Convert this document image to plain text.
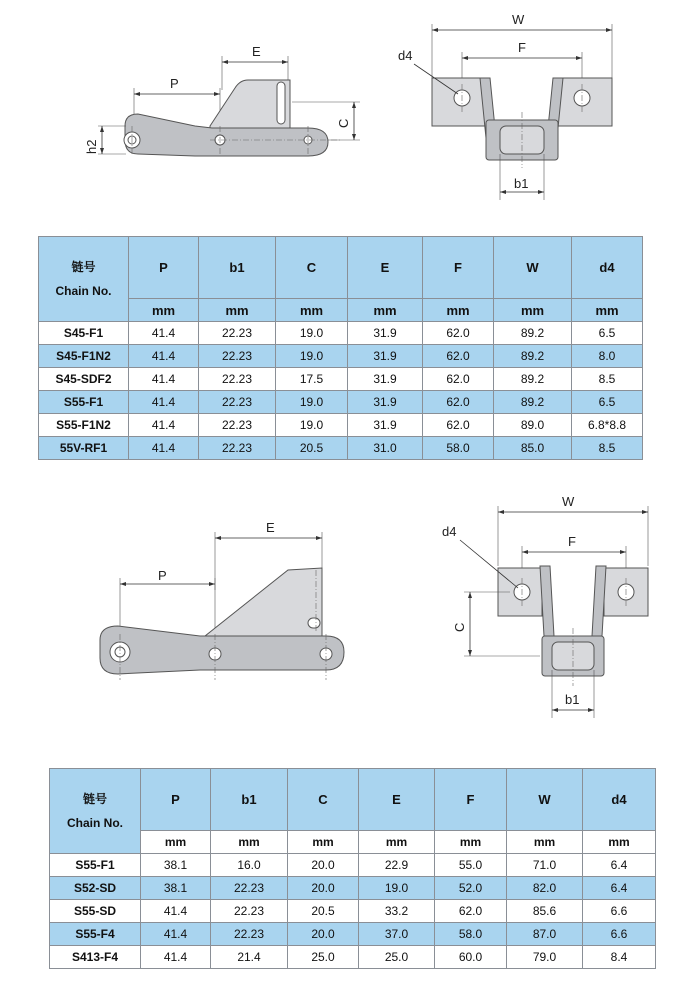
E
P
C
h2
W
F
d4
b1
链号
Chain No.	P	b1	C	E	F	W	d4
	mm	mm	mm	mm	mm	mm	mm
S45-F1	41.4	22.23	19.0	31.9	62.0	89.2	6.5
S45-F1N2	41.4	22.23	19.0	31.9	62.0	89.2	8.0
S45-SDF2	41.4	22.23	17.5	31.9	62.0	89.2	8.5
S55-F1	41.4	22.23	19.0	31.9	62.0	89.2	6.5
S55-F1N2	41.4	22.23	19.0	31.9	62.0	89.0	6.8*8.8
55V-RF1	41.4	22.23	20.5	31.0	58.0	85.0	8.5
E
P
W
F
d4
C
b1
链号
Chain No.	P	b1	C	E	F	W	d4
	mm	mm	mm	mm	mm	mm	mm
S55-F1	38.1	16.0	20.0	22.9	55.0	71.0	6.4
S52-SD	38.1	22.23	20.0	19.0	52.0	82.0	6.4
S55-SD	41.4	22.23	20.5	33.2	62.0	85.6	6.6
S55-F4	41.4	22.23	20.0	37.0	58.0	87.0	6.6
S413-F4	41.4	21.4	25.0	25.0	60.0	79.0	8.4
